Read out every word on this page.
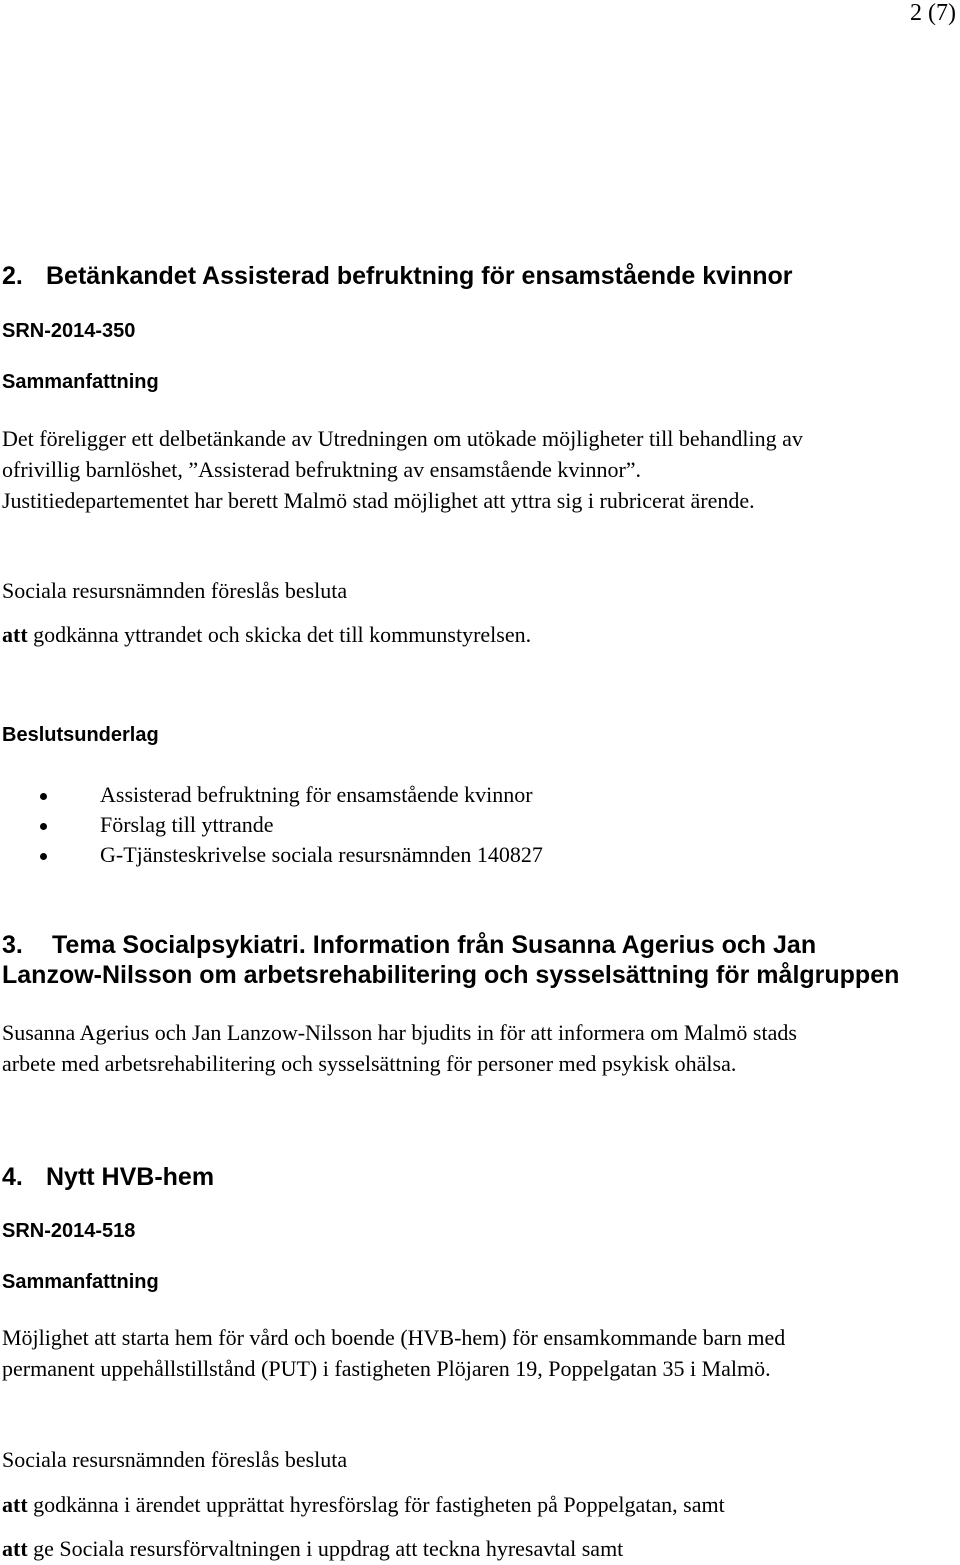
2 (7)
2. Betänkandet Assisterad befruktning för ensamstående kvinnor
SRN-2014-350
Sammanfattning
Det föreligger ett delbetänkande av Utredningen om utökade möjligheter till behandling av
ofrivillig barnlöshet, ”Assisterad befruktning av ensamstående kvinnor”.
Justitiedepartementet har berett Malmö stad möjlighet att yttra sig i rubricerat ärende.
Sociala resursnämnden föreslås besluta
att godkänna yttrandet och skicka det till kommunstyrelsen.
Beslutsunderlag
Assisterad befruktning för ensamstående kvinnor
Förslag till yttrande
G-Tjänsteskrivelse sociala resursnämnden 140827
3. Tema Socialpsykiatri. Information från Susanna Agerius och Jan
Lanzow-Nilsson om arbetsrehabilitering och sysselsättning för målgruppen
Susanna Agerius och Jan Lanzow-Nilsson har bjudits in för att informera om Malmö stads
arbete med arbetsrehabilitering och sysselsättning för personer med psykisk ohälsa.
4. Nytt HVB-hem
SRN-2014-518
Sammanfattning
Möjlighet att starta hem för vård och boende (HVB-hem) för ensamkommande barn med
permanent uppehållstillstånd (PUT) i fastigheten Plöjaren 19, Poppelgatan 35 i Malmö.
Sociala resursnämnden föreslås besluta
att godkänna i ärendet upprättat hyresförslag för fastigheten på Poppelgatan, samt
att ge Sociala resursförvaltningen i uppdrag att teckna hyresavtal samt
